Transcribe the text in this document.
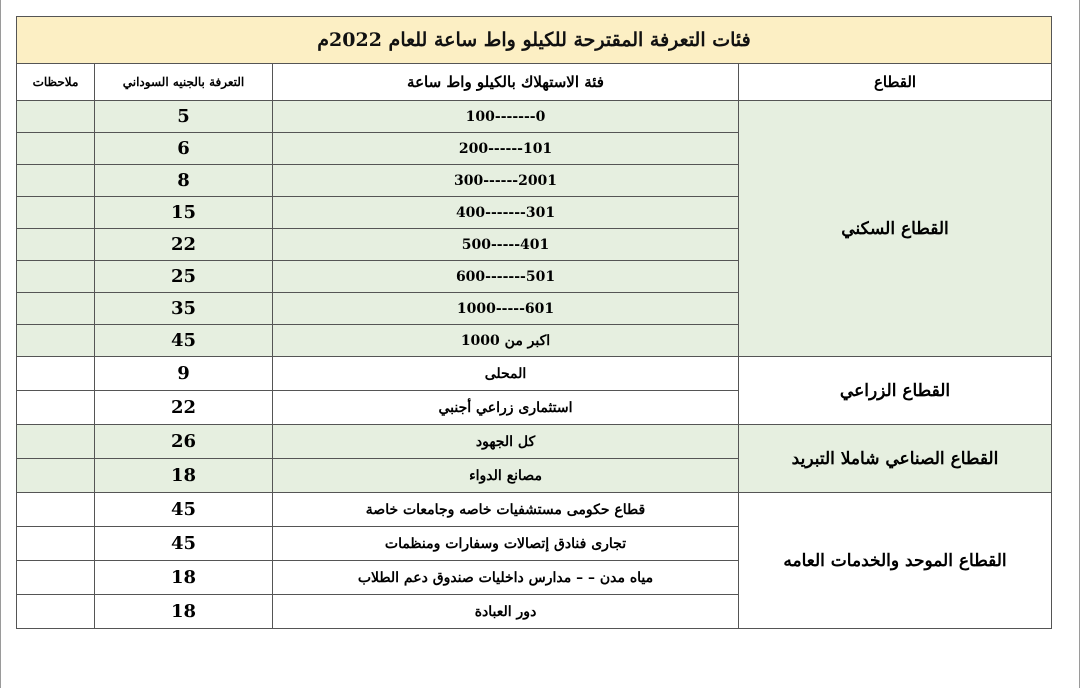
فئات التعرفة المقترحة للكيلو واط ساعة للعام 2022م			
القطاع	فئة الاستهلاك بالكيلو واط ساعة	التعرفة بالجنيه السوداني	ملاحظات
القطاع السكني	0-------100	5	
	101------200	6	
	2001------300	8	
	301-------400	15	
	401-----500	22	
	501-------600	25	
	601-----1000	35	
	اكبر من 1000	45	
القطاع الزراعي	المحلى	9	
	استثمارى زراعي أجنبي	22	
القطاع الصناعي شاملا التبريد	كل الجهود	26	
	مصانع الدواء	18	
القطاع الموحد والخدمات العامه	قطاع حكومى مستشفيات خاصه وجامعات خاصة	45	
	تجارى فنادق إتصالات وسفارات ومنظمات	45	
	مياه مدن – – مدارس داخليات صندوق دعم الطلاب	18	
	دور العبادة	18	
